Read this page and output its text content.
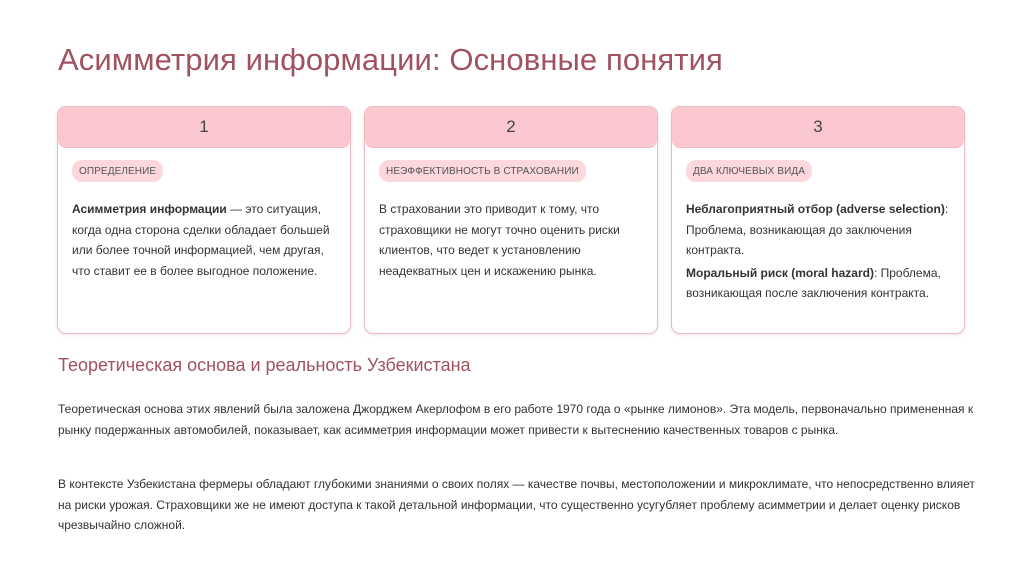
Асимметрия информации: Основные понятия
1
ОПРЕДЕЛЕНИЕ

Асимметрия информации — это ситуация, когда одна сторона сделки обладает большей или более точной информацией, чем другая, что ставит ее в более выгодное положение.

2
НЕЭФФЕКТИВНОСТЬ В СТРАХОВАНИИ

В страховании это приводит к тому, что страховщики не могут точно оценить риски клиентов, что ведет к установлению неадекватных цен и искажению рынка.

3
ДВА КЛЮЧЕВЫХ ВИДА

Неблагоприятный отбор (adverse selection): Проблема, возникающая до заключения контракта.

Моральный риск (moral hazard): Проблема, возникающая после заключения контракта.

Теоретическая основа и реальность Узбекистана

Теоретическая основа этих явлений была заложена Джорджем Акерлофом в его работе 1970 года о «рынке лимонов». Эта модель, первоначально примененная к рынку подержанных автомобилей, показывает, как асимметрия информации может привести к вытеснению качественных товаров с рынка.

В контексте Узбекистана фермеры обладают глубокими знаниями о своих полях — качестве почвы, местоположении и микроклимате, что непосредственно влияет на риски урожая. Страховщики же не имеют доступа к такой детальной информации, что существенно усугубляет проблему асимметрии и делает оценку рисков чрезвычайно сложной.
